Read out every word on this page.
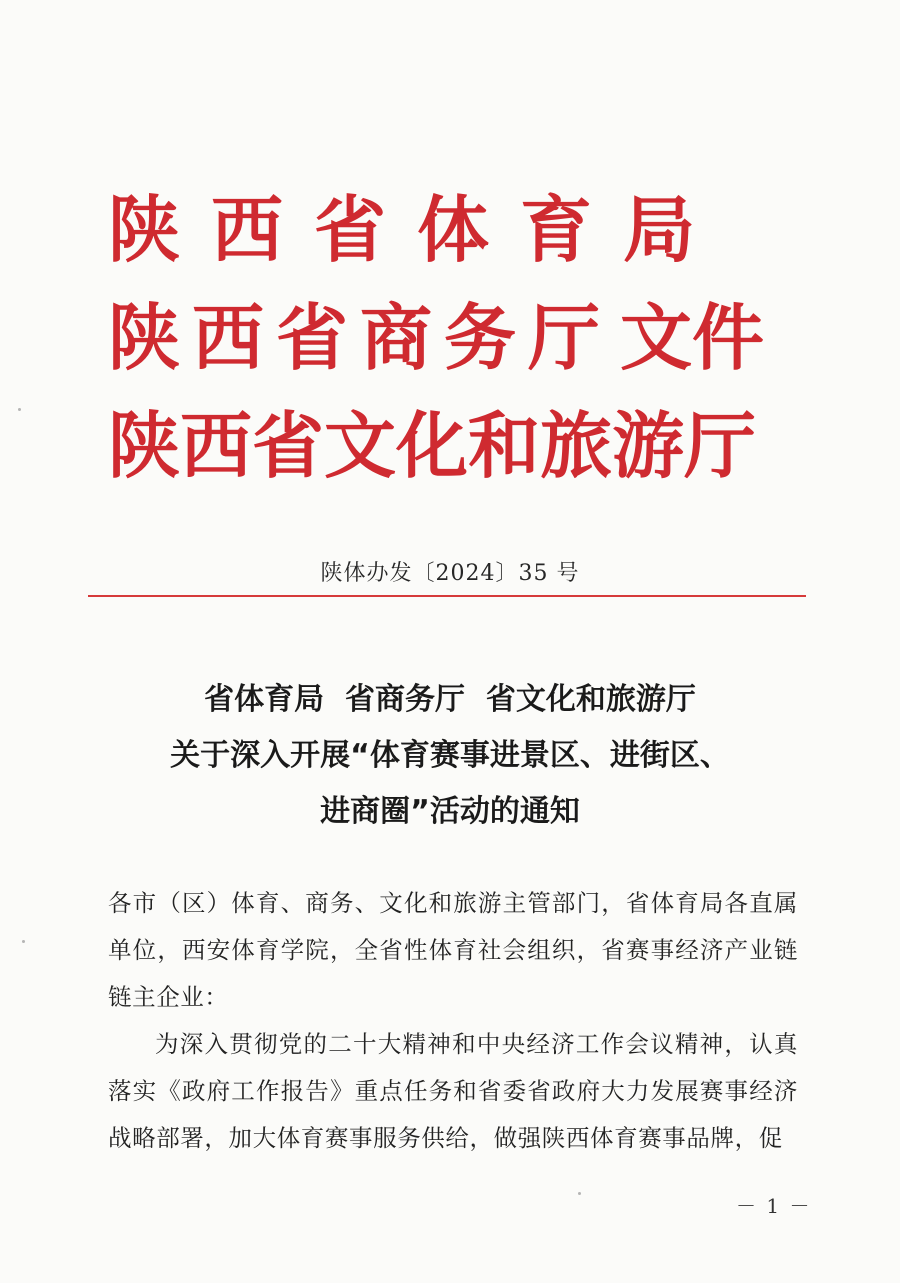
陕西省体育局
陕西省商务厅 文件
陕西省文化和旅游厅
陕体办发〔2024〕35 号
省体育局  省商务厅  省文化和旅游厅
关于深入开展“体育赛事进景区、进街区、
进商圈”活动的通知

各市（区）体育、商务、文化和旅游主管部门，省体育局各直属单位，西安体育学院，全省性体育社会组织，省赛事经济产业链链主企业：

为深入贯彻党的二十大精神和中央经济工作会议精神，认真落实《政府工作报告》重点任务和省委省政府大力发展赛事经济战略部署，加大体育赛事服务供给，做强陕西体育赛事品牌，促

－ 1 －
